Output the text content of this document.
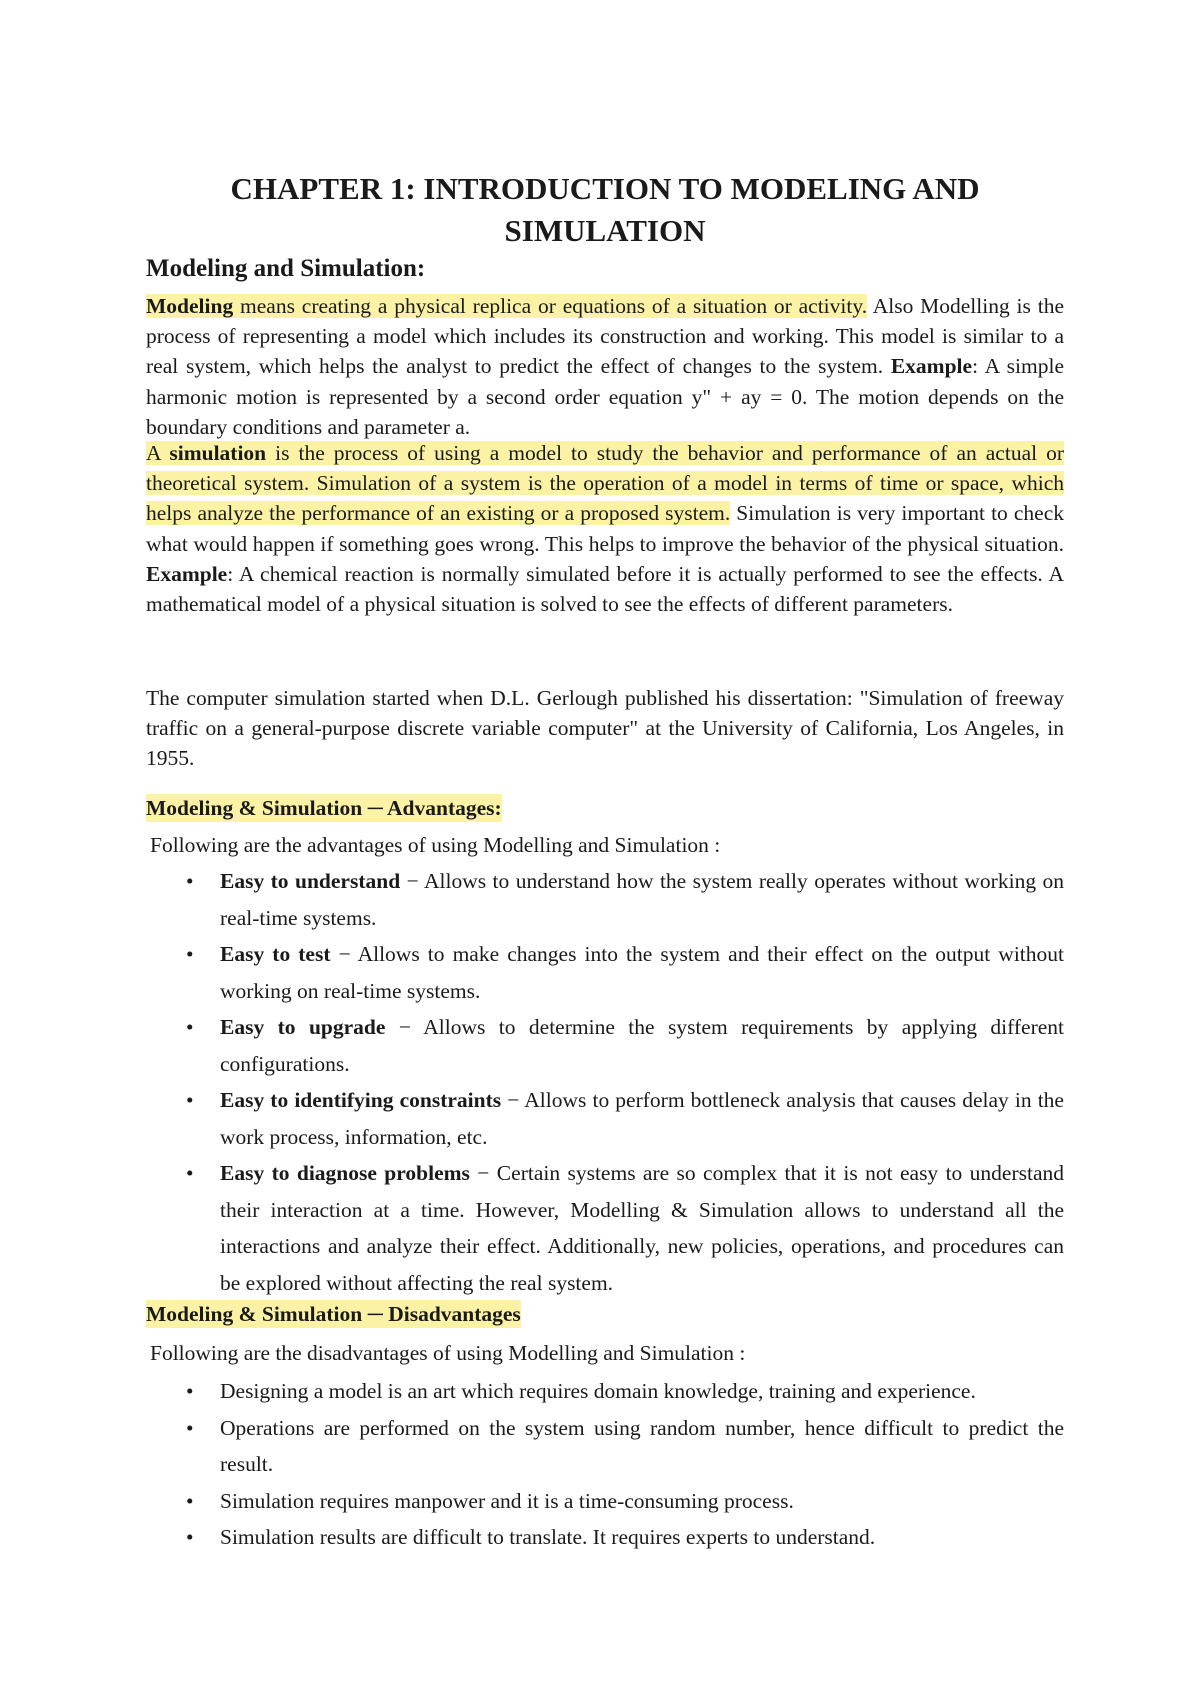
CHAPTER 1: INTRODUCTION TO MODELING AND
SIMULATION
Modeling and Simulation:
Modeling means creating a physical replica or equations of a situation or activity. Also Modelling is the process of representing a model which includes its construction and working. This model is similar to a real system, which helps the analyst to predict the effect of changes to the system. Example: A simple harmonic motion is represented by a second order equation y" + ay = 0. The motion depends on the boundary conditions and parameter a.
A simulation is the process of using a model to study the behavior and performance of an actual or theoretical system. Simulation of a system is the operation of a model in terms of time or space, which helps analyze the performance of an existing or a proposed system. Simulation is very important to check what would happen if something goes wrong. This helps to improve the behavior of the physical situation. Example: A chemical reaction is normally simulated before it is actually performed to see the effects. A mathematical model of a physical situation is solved to see the effects of different parameters.
The computer simulation started when D.L. Gerlough published his dissertation: "Simulation of freeway traffic on a general-purpose discrete variable computer" at the University of California, Los Angeles, in 1955.
Modeling & Simulation ─ Advantages:
Following are the advantages of using Modelling and Simulation :
• Easy to understand − Allows to understand how the system really operates without working on real-time systems.
• Easy to test − Allows to make changes into the system and their effect on the output without working on real-time systems.
• Easy to upgrade − Allows to determine the system requirements by applying different configurations.
• Easy to identifying constraints − Allows to perform bottleneck analysis that causes delay in the work process, information, etc.
• Easy to diagnose problems − Certain systems are so complex that it is not easy to understand their interaction at a time. However, Modelling & Simulation allows to understand all the interactions and analyze their effect. Additionally, new policies, operations, and procedures can be explored without affecting the real system.
Modeling & Simulation ─ Disadvantages
Following are the disadvantages of using Modelling and Simulation :
• Designing a model is an art which requires domain knowledge, training and experience.
• Operations are performed on the system using random number, hence difficult to predict the result.
• Simulation requires manpower and it is a time-consuming process.
• Simulation results are difficult to translate. It requires experts to understand.
